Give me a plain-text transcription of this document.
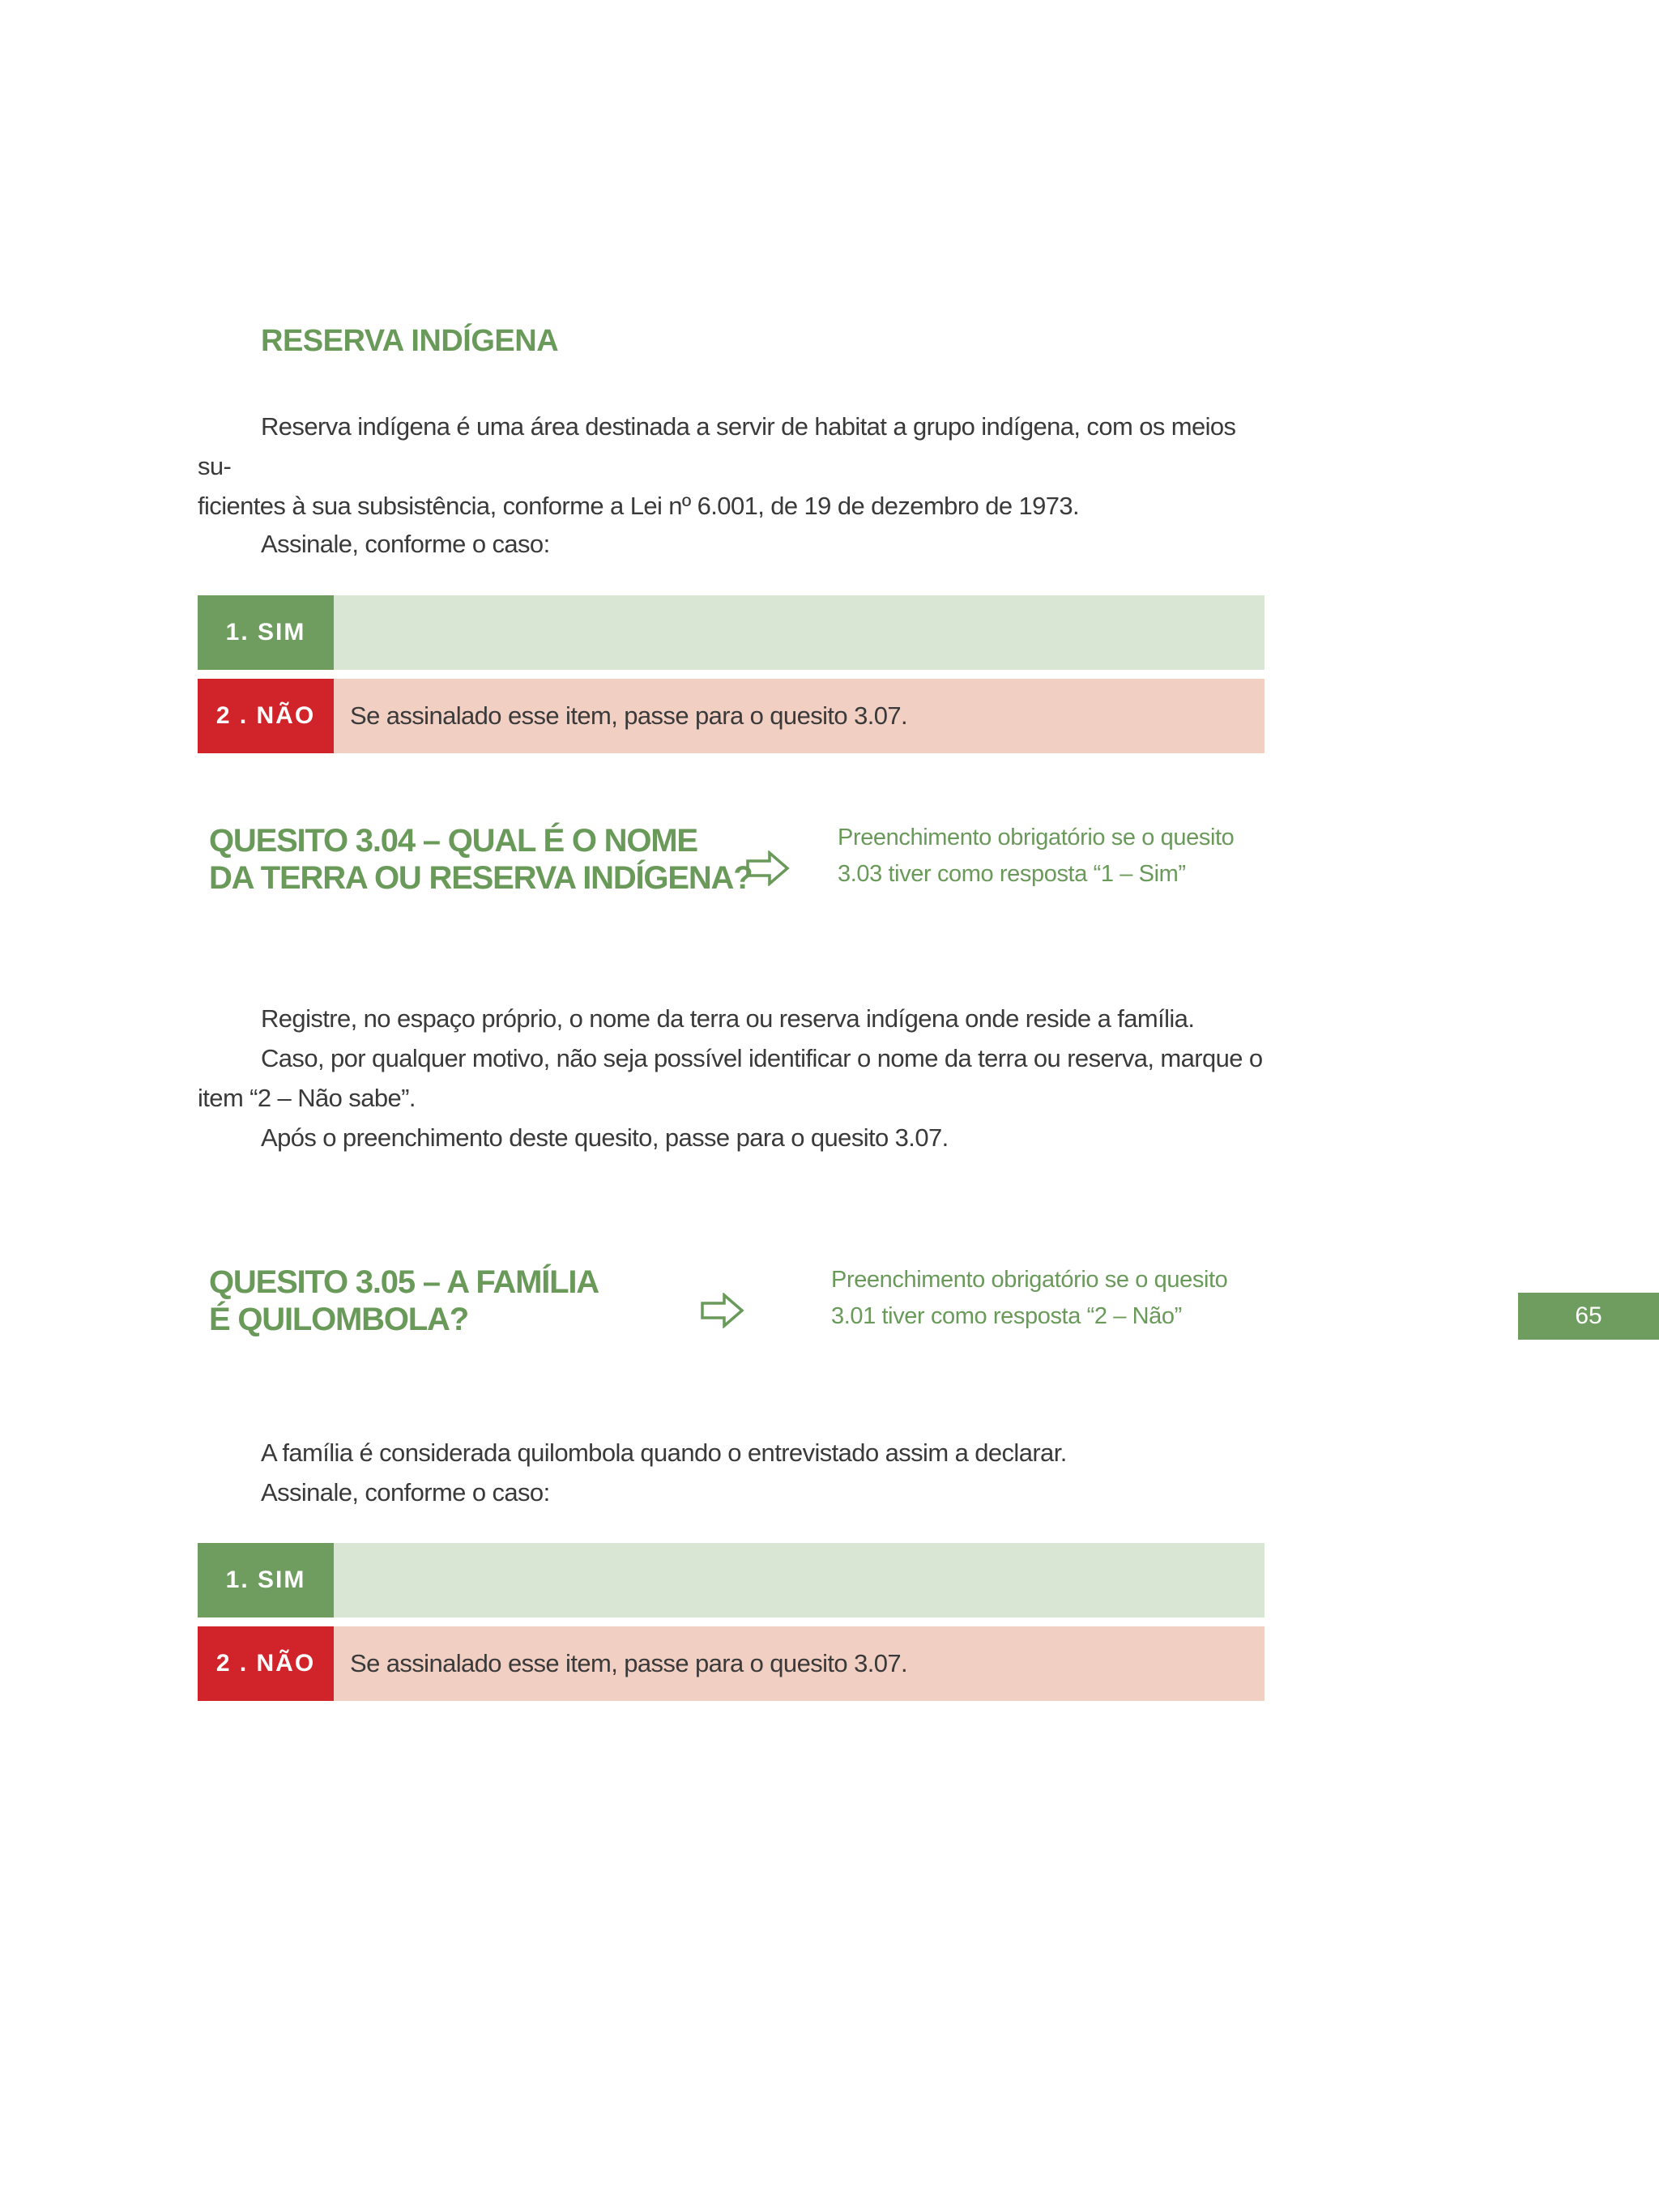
RESERVA INDÍGENA
Reserva indígena é uma área destinada a servir de habitat a grupo indígena, com os meios su-
ficientes à sua subsistência, conforme a Lei nº 6.001, de 19 de dezembro de 1973.
Assinale, conforme o caso:
1. SIM
2 . NÃO	Se assinalado esse item, passe para o quesito 3.07.
QUESITO 3.04 – QUAL É O NOME
DA TERRA OU RESERVA INDÍGENA?
Preenchimento obrigatório se o quesito
3.03 tiver como resposta “1 – Sim”
Registre, no espaço próprio, o nome da terra ou reserva indígena onde reside a família.
Caso, por qualquer motivo, não seja possível identificar o nome da terra ou reserva, marque o
item “2 – Não sabe”.
Após o preenchimento deste quesito, passe para o quesito 3.07.
QUESITO 3.05 – A FAMÍLIA
É QUILOMBOLA?
Preenchimento obrigatório se o quesito
3.01 tiver como resposta “2 – Não”	65
A família é considerada quilombola quando o entrevistado assim a declarar.
Assinale, conforme o caso:
1. SIM
2 . NÃO	Se assinalado esse item, passe para o quesito 3.07.
